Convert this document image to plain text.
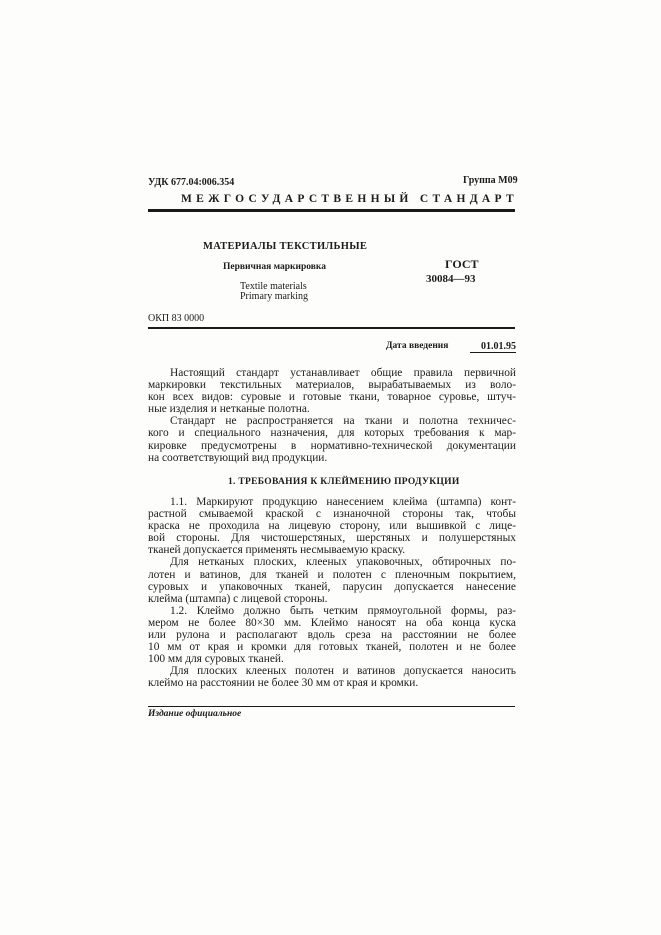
УДК 677.04:006.354	Группа М09
МЕЖГОСУДАРСТВЕННЫЙ СТАНДАРТ
МАТЕРИАЛЫ ТЕКСТИЛЬНЫЕ
Первичная маркировка
Textile materials
Primary marking
ГОСТ
30084—93
ОКП 83 0000
Дата введения	01.01.95
Настоящий стандарт устанавливает общие правила первичной
маркировки текстильных материалов, вырабатываемых из воло-
кон всех видов: суровые и готовые ткани, товарное суровье, штуч-
ные изделия и нетканые полотна.
Стандарт не распространяется на ткани и полотна техничес-
кого и специального назначения, для которых требования к мар-
кировке предусмотрены в нормативно-технической документации
на соответствующий вид продукции.
1. ТРЕБОВАНИЯ К КЛЕЙМЕНИЮ ПРОДУКЦИИ
1.1. Маркируют продукцию нанесением клейма (штампа) конт-
растной смываемой краской с изнаночной стороны так, чтобы
краска не проходила на лицевую сторону, или вышивкой с лице-
вой стороны. Для чистошерстяных, шерстяных и полушерстяных
тканей допускается применять несмываемую краску.
Для нетканых плоских, клееных упаковочных, обтирочных по-
лотен и ватинов, для тканей и полотен с пленочным покрытием,
суровых и упаковочных тканей, парусин допускается нанесение
клейма (штампа) с лицевой стороны.
1.2. Клеймо должно быть четким прямоугольной формы, раз-
мером не более 80×30 мм. Клеймо наносят на оба конца куска
или рулона и располагают вдоль среза на расстоянии не более
10 мм от края и кромки для готовых тканей, полотен и не более
100 мм для суровых тканей.
Для плоских клееных полотен и ватинов допускается наносить
клеймо на расстоянии не более 30 мм от края и кромки.
Издание официальное
